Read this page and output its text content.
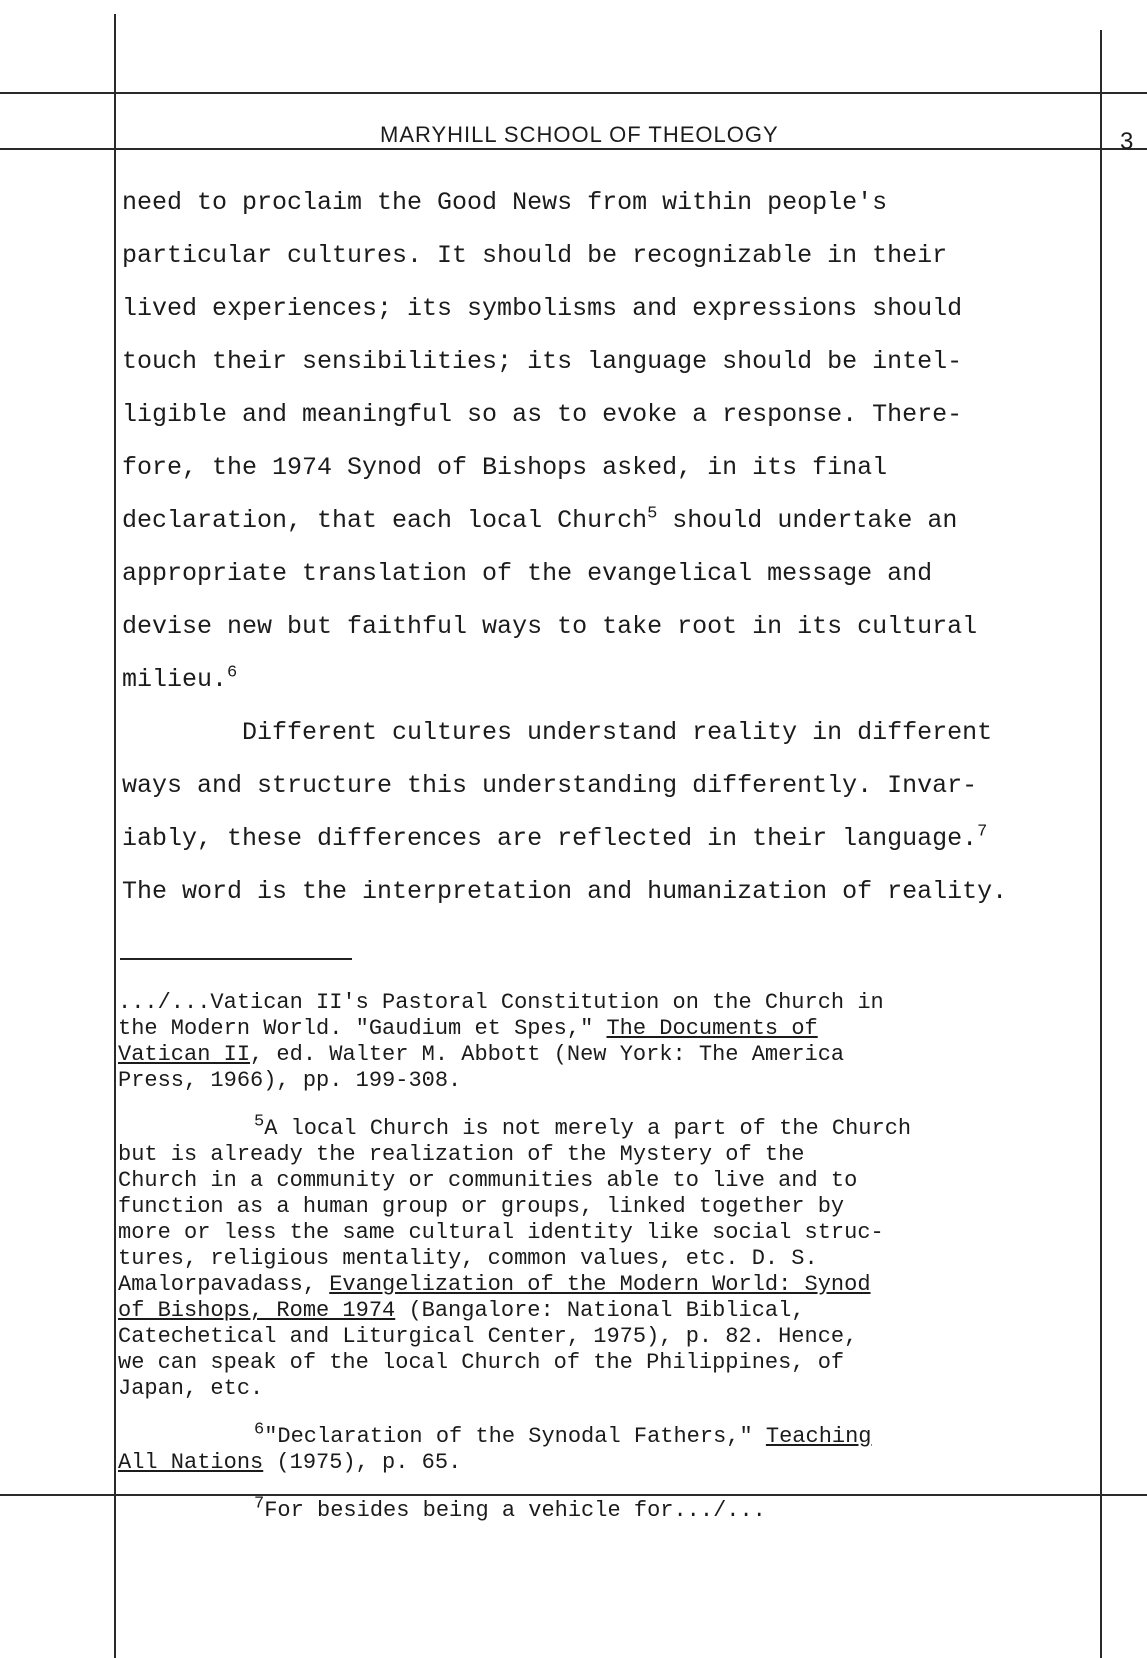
MARYHILL SCHOOL OF THEOLOGY	3
need to proclaim the Good News from within people's
particular cultures. It should be recognizable in their
lived experiences; its symbolisms and expressions should
touch their sensibilities; its language should be intel-
ligible and meaningful so as to evoke a response. There-
fore, the 1974 Synod of Bishops asked, in its final
declaration, that each local Church$^5$ should undertake an
appropriate translation of the evangelical message and
devise new but faithful ways to take root in its cultural
milieu.$^6$
Different cultures understand reality in different
ways and structure this understanding differently. Invar-
iably, these differences are reflected in their language.$^7$
The word is the interpretation and humanization of reality.
.../...Vatican II's Pastoral Constitution on the Church in
the Modern World. "Gaudium et Spes," The Documents of
Vatican II, ed. Walter M. Abbott (New York: The America
Press, 1966), pp. 199-308.
$^5$A local Church is not merely a part of the Church
but is already the realization of the Mystery of the
Church in a community or communities able to live and to
function as a human group or groups, linked together by
more or less the same cultural identity like social struc-
tures, religious mentality, common values, etc. D. S.
Amalorpavadass, Evangelization of the Modern World: Synod
of Bishops, Rome 1974 (Bangalore: National Biblical,
Catechetical and Liturgical Center, 1975), p. 82. Hence,
we can speak of the local Church of the Philippines, of
Japan, etc.
$^6$"Declaration of the Synodal Fathers," Teaching
All Nations (1975), p. 65.
$^7$For besides being a vehicle for.../...
